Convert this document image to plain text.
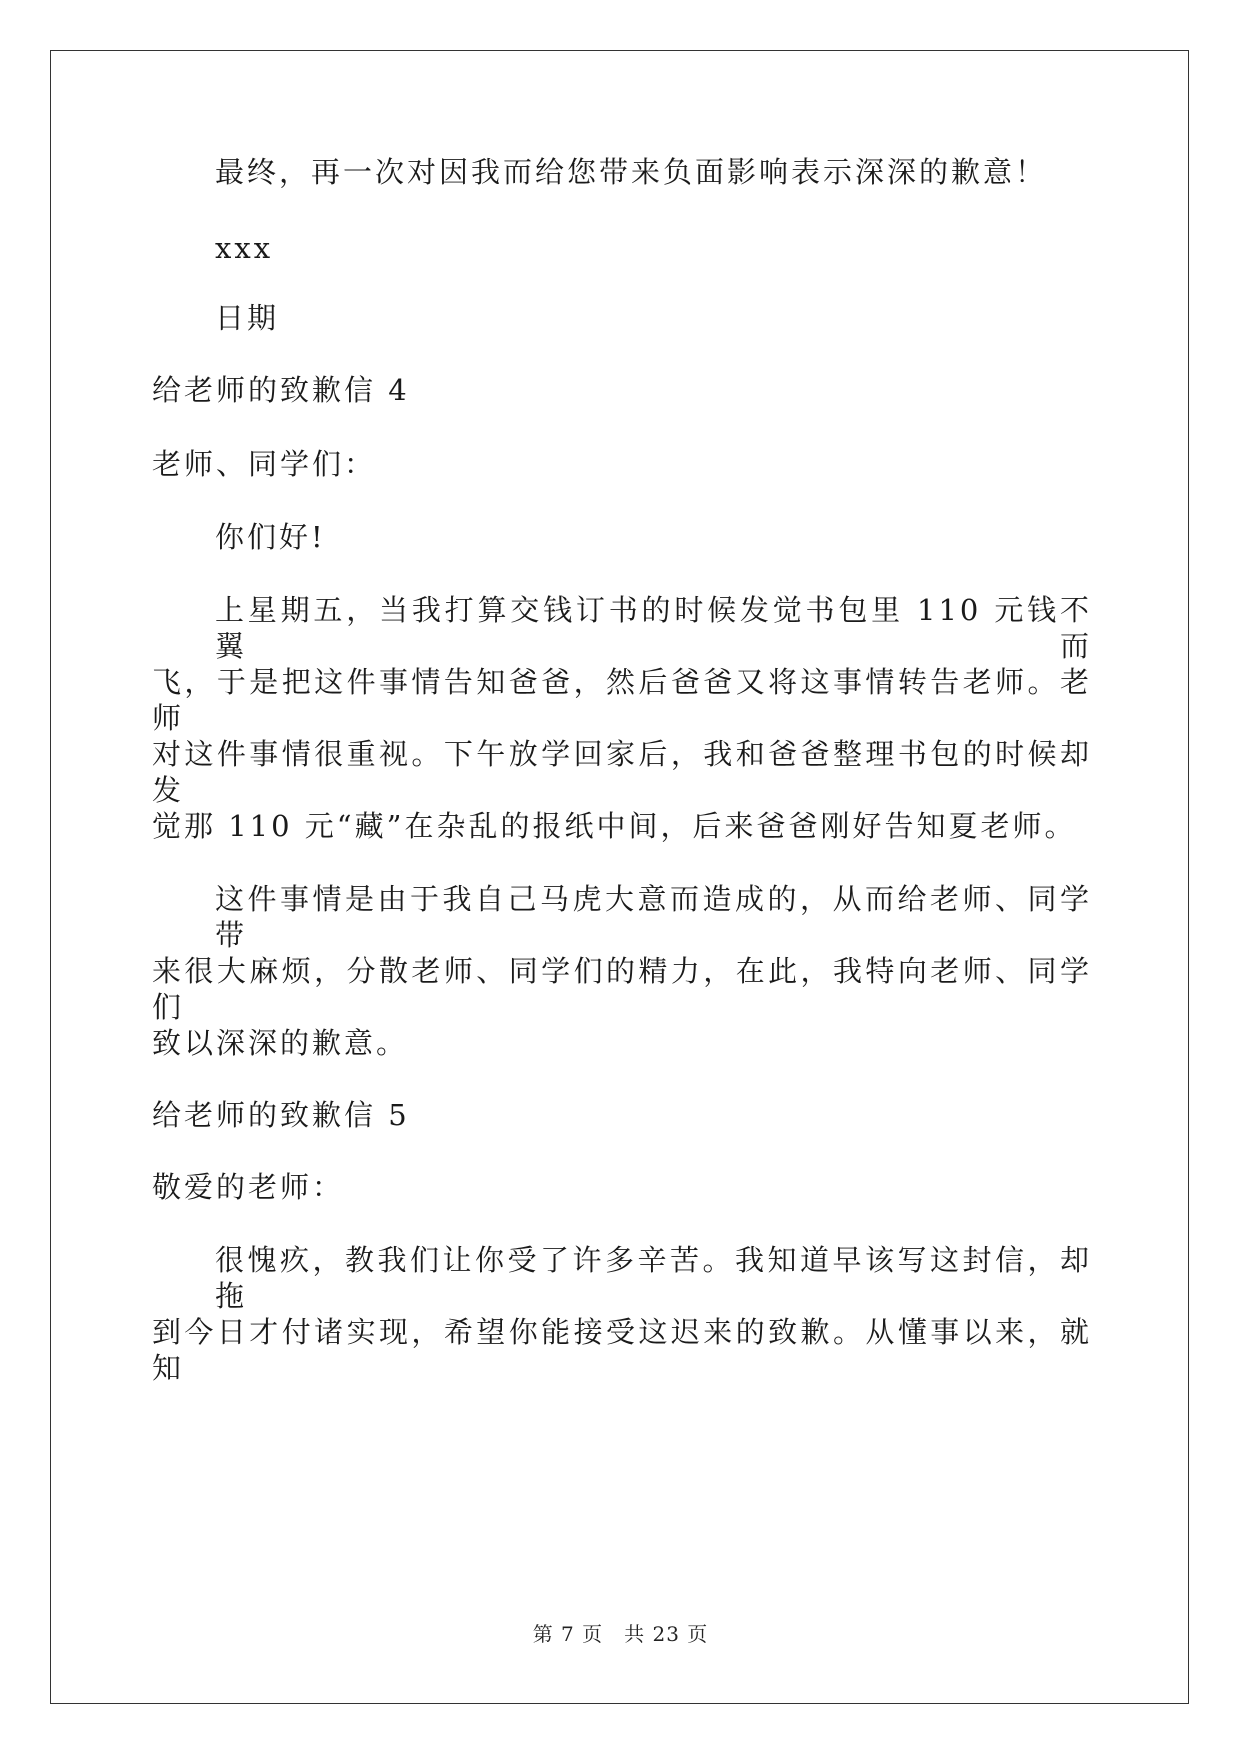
最终，再一次对因我而给您带来负面影响表示深深的歉意！
xxx
日期
给老师的致歉信 4
老师、同学们：
你们好!
上星期五，当我打算交钱订书的时候发觉书包里 110 元钱不翼而
飞，于是把这件事情告知爸爸，然后爸爸又将这事情转告老师。老师
对这件事情很重视。下午放学回家后，我和爸爸整理书包的时候却发
觉那 110 元“藏”在杂乱的报纸中间，后来爸爸刚好告知夏老师。
这件事情是由于我自己马虎大意而造成的，从而给老师、同学带
来很大麻烦，分散老师、同学们的精力，在此，我特向老师、同学们
致以深深的歉意。
给老师的致歉信 5
敬爱的老师：
很愧疚，教我们让你受了许多辛苦。我知道早该写这封信，却拖
到今日才付诸实现，希望你能接受这迟来的致歉。从懂事以来，就知
第 7 页　共 23 页
